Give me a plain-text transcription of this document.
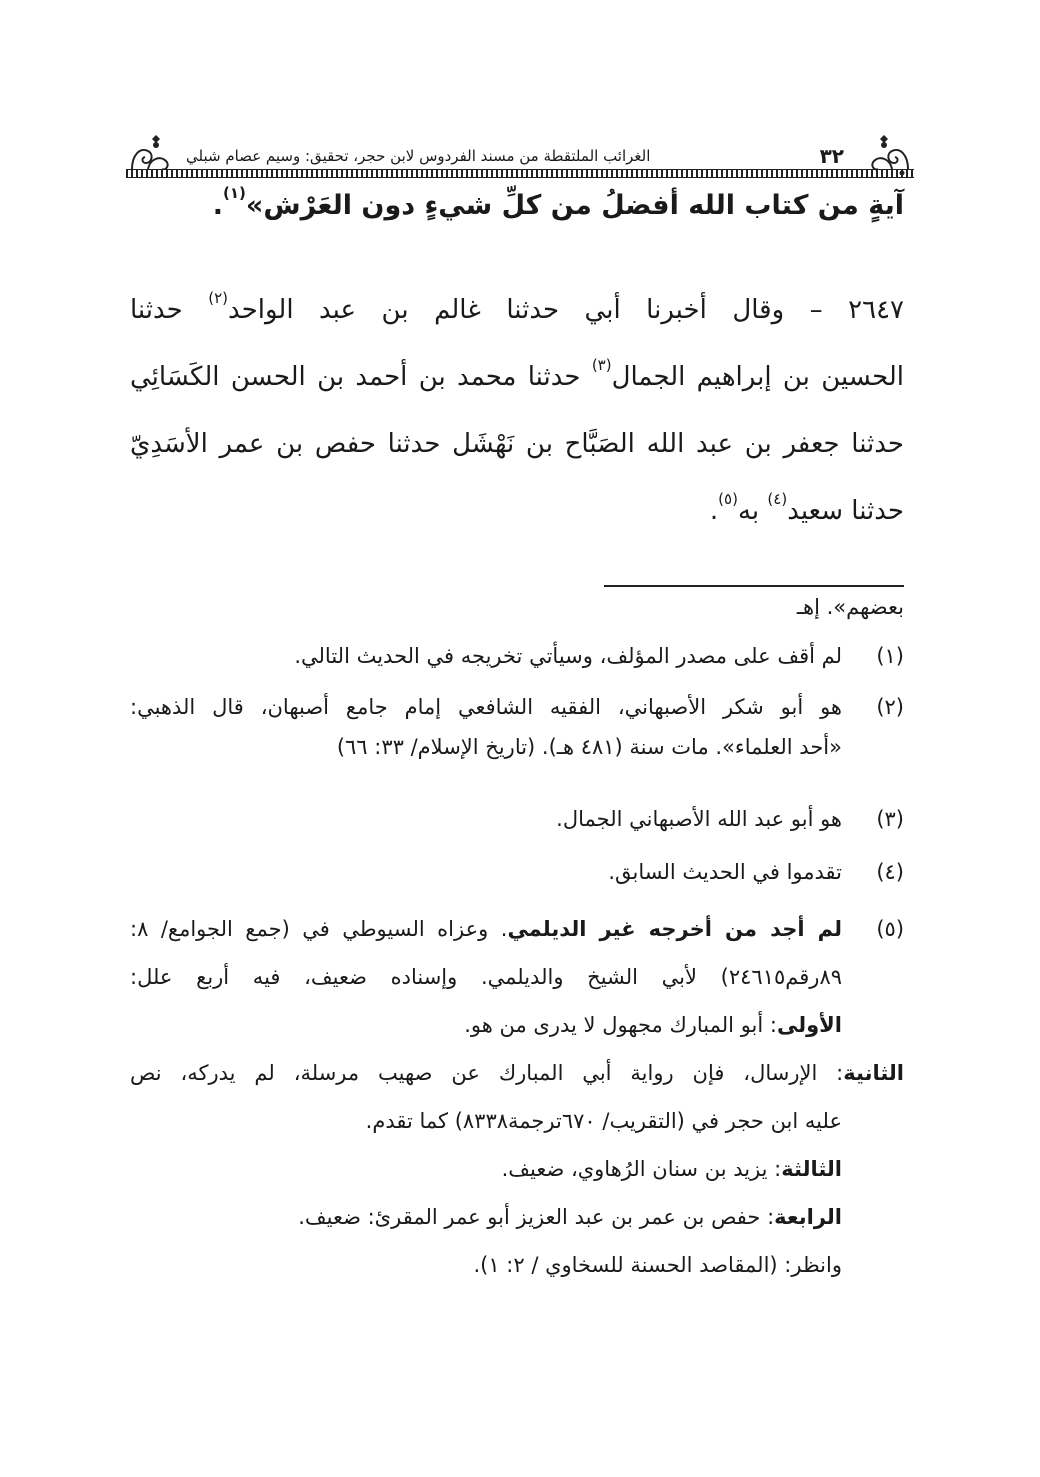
٣٢
الغرائب الملتقطة من مسند الفردوس لابن حجر، تحقيق: وسيم عصام شبلي
آيةٍ من كتاب الله أفضلُ من كلِّ شيءٍ دون العَرْش»$^{(١)}$.
٢٦٤٧ – وقال أخبرنا أبي حدثنا غالم بن عبد الواحد$^{(٢)}$ حدثنا
الحسين بن إبراهيم الجمال$^{(٣)}$ حدثنا محمد بن أحمد بن الحسن الكَسَائِي
حدثنا جعفر بن عبد الله الصَبَّاح بن نَهْشَل حدثنا حفص بن عمر الأسَدِيّ
حدثنا سعيد$^{(٤)}$ به$^{(٥)}$.
بعضهم». إهـ
(١)لم أقف على مصدر المؤلف، وسيأتي تخريجه في الحديث التالي.
(٢)هو أبو شكر الأصبهاني، الفقيه الشافعي إمام جامع أصبهان، قال الذهبي:
«أحد العلماء». مات سنة (٤٨١ هـ). (تاريخ الإسلام/ ٣٣: ٦٦)
(٣)هو أبو عبد الله الأصبهاني الجمال.
(٤)تقدموا في الحديث السابق.
(٥)لم أجد من أخرجه غير الديلمي. وعزاه السيوطي في (جمع الجوامع/ ٨:
٨٩رقم٢٤٦١٥) لأبي الشيخ والديلمي. وإسناده ضعيف، فيه أربع علل:
الأولى: أبو المبارك مجهول لا يدرى من هو.
الثانية: الإرسال، فإن رواية أبي المبارك عن صهيب مرسلة، لم يدركه، نص
عليه ابن حجر في (التقريب/ ٦٧٠ترجمة٨٣٣٨) كما تقدم.
الثالثة: يزيد بن سنان الرُهاوي، ضعيف.
الرابعة: حفص بن عمر بن عبد العزيز أبو عمر المقرئ: ضعيف.
وانظر: (المقاصد الحسنة للسخاوي / ٢: ١).
